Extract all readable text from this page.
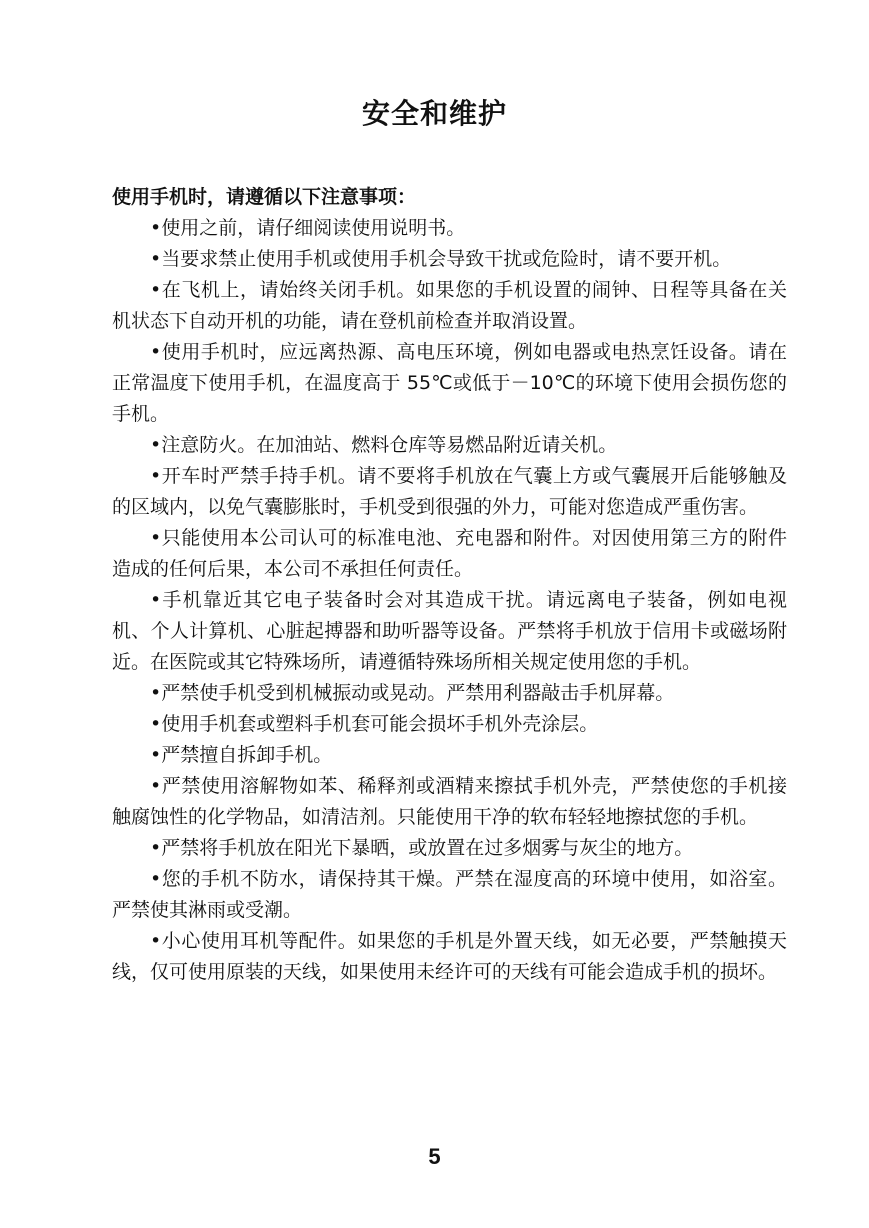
安全和维护

使用手机时，请遵循以下注意事项：

•使用之前，请仔细阅读使用说明书。

•当要求禁止使用手机或使用手机会导致干扰或危险时，请不要开机。

•在飞机上，请始终关闭手机。如果您的手机设置的闹钟、日程等具备在关机状态下自动开机的功能，请在登机前检查并取消设置。

•使用手机时，应远离热源、高电压环境，例如电器或电热烹饪设备。请在正常温度下使用手机，在温度高于 55℃或低于－10℃的环境下使用会损伤您的手机。

•注意防火。在加油站、燃料仓库等易燃品附近请关机。

•开车时严禁手持手机。请不要将手机放在气囊上方或气囊展开后能够触及的区域内，以免气囊膨胀时，手机受到很强的外力，可能对您造成严重伤害。

•只能使用本公司认可的标准电池、充电器和附件。对因使用第三方的附件造成的任何后果，本公司不承担任何责任。

•手机靠近其它电子装备时会对其造成干扰。请远离电子装备，例如电视机、个人计算机、心脏起搏器和助听器等设备。严禁将手机放于信用卡或磁场附近。在医院或其它特殊场所，请遵循特殊场所相关规定使用您的手机。

•严禁使手机受到机械振动或晃动。严禁用利器敲击手机屏幕。

•使用手机套或塑料手机套可能会损坏手机外壳涂层。

•严禁擅自拆卸手机。

•严禁使用溶解物如苯、稀释剂或酒精来擦拭手机外壳，严禁使您的手机接触腐蚀性的化学物品，如清洁剂。只能使用干净的软布轻轻地擦拭您的手机。

•严禁将手机放在阳光下暴晒，或放置在过多烟雾与灰尘的地方。

•您的手机不防水，请保持其干燥。严禁在湿度高的环境中使用，如浴室。严禁使其淋雨或受潮。

•小心使用耳机等配件。如果您的手机是外置天线，如无必要，严禁触摸天线，仅可使用原装的天线，如果使用未经许可的天线有可能会造成手机的损坏。

5
